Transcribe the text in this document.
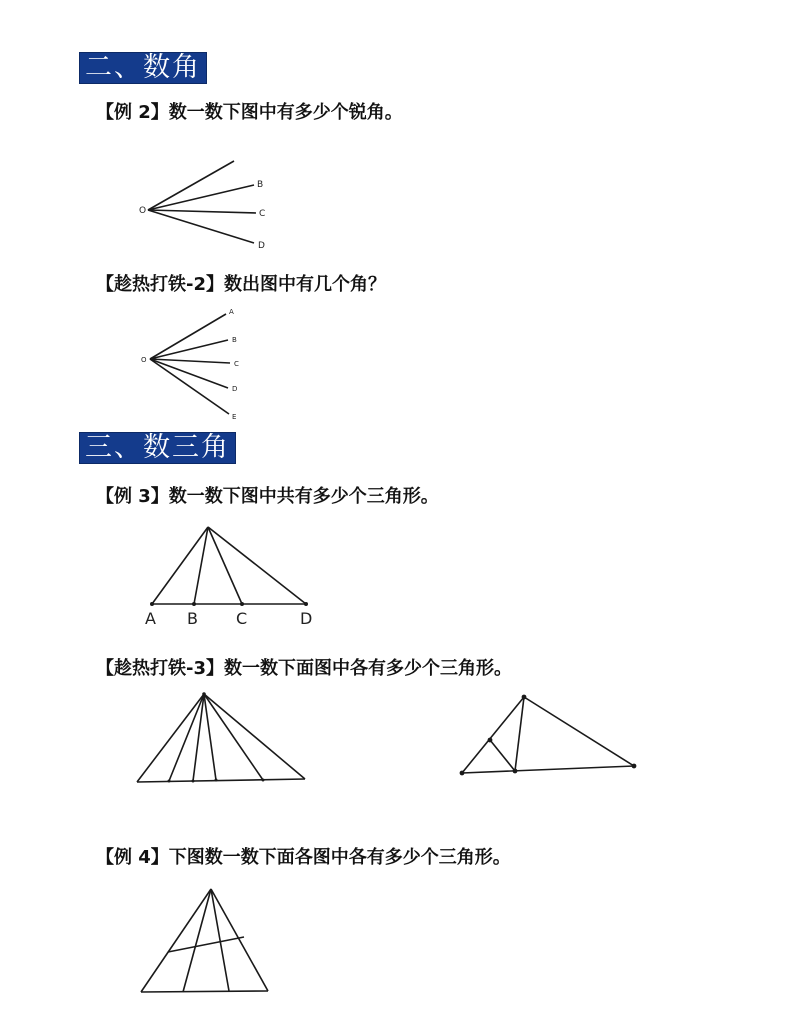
二、数角
【例 2】数一数下图中有多少个锐角。
【趁热打铁-2】数出图中有几个角？
三、数三角
【例 3】数一数下图中共有多少个三角形。
【趁热打铁-3】数一数下面图中各有多少个三角形。
【例 4】下图数一数下面各图中各有多少个三角形。
O
B
C
D
O
A
B
C
D
E
A B C	D
